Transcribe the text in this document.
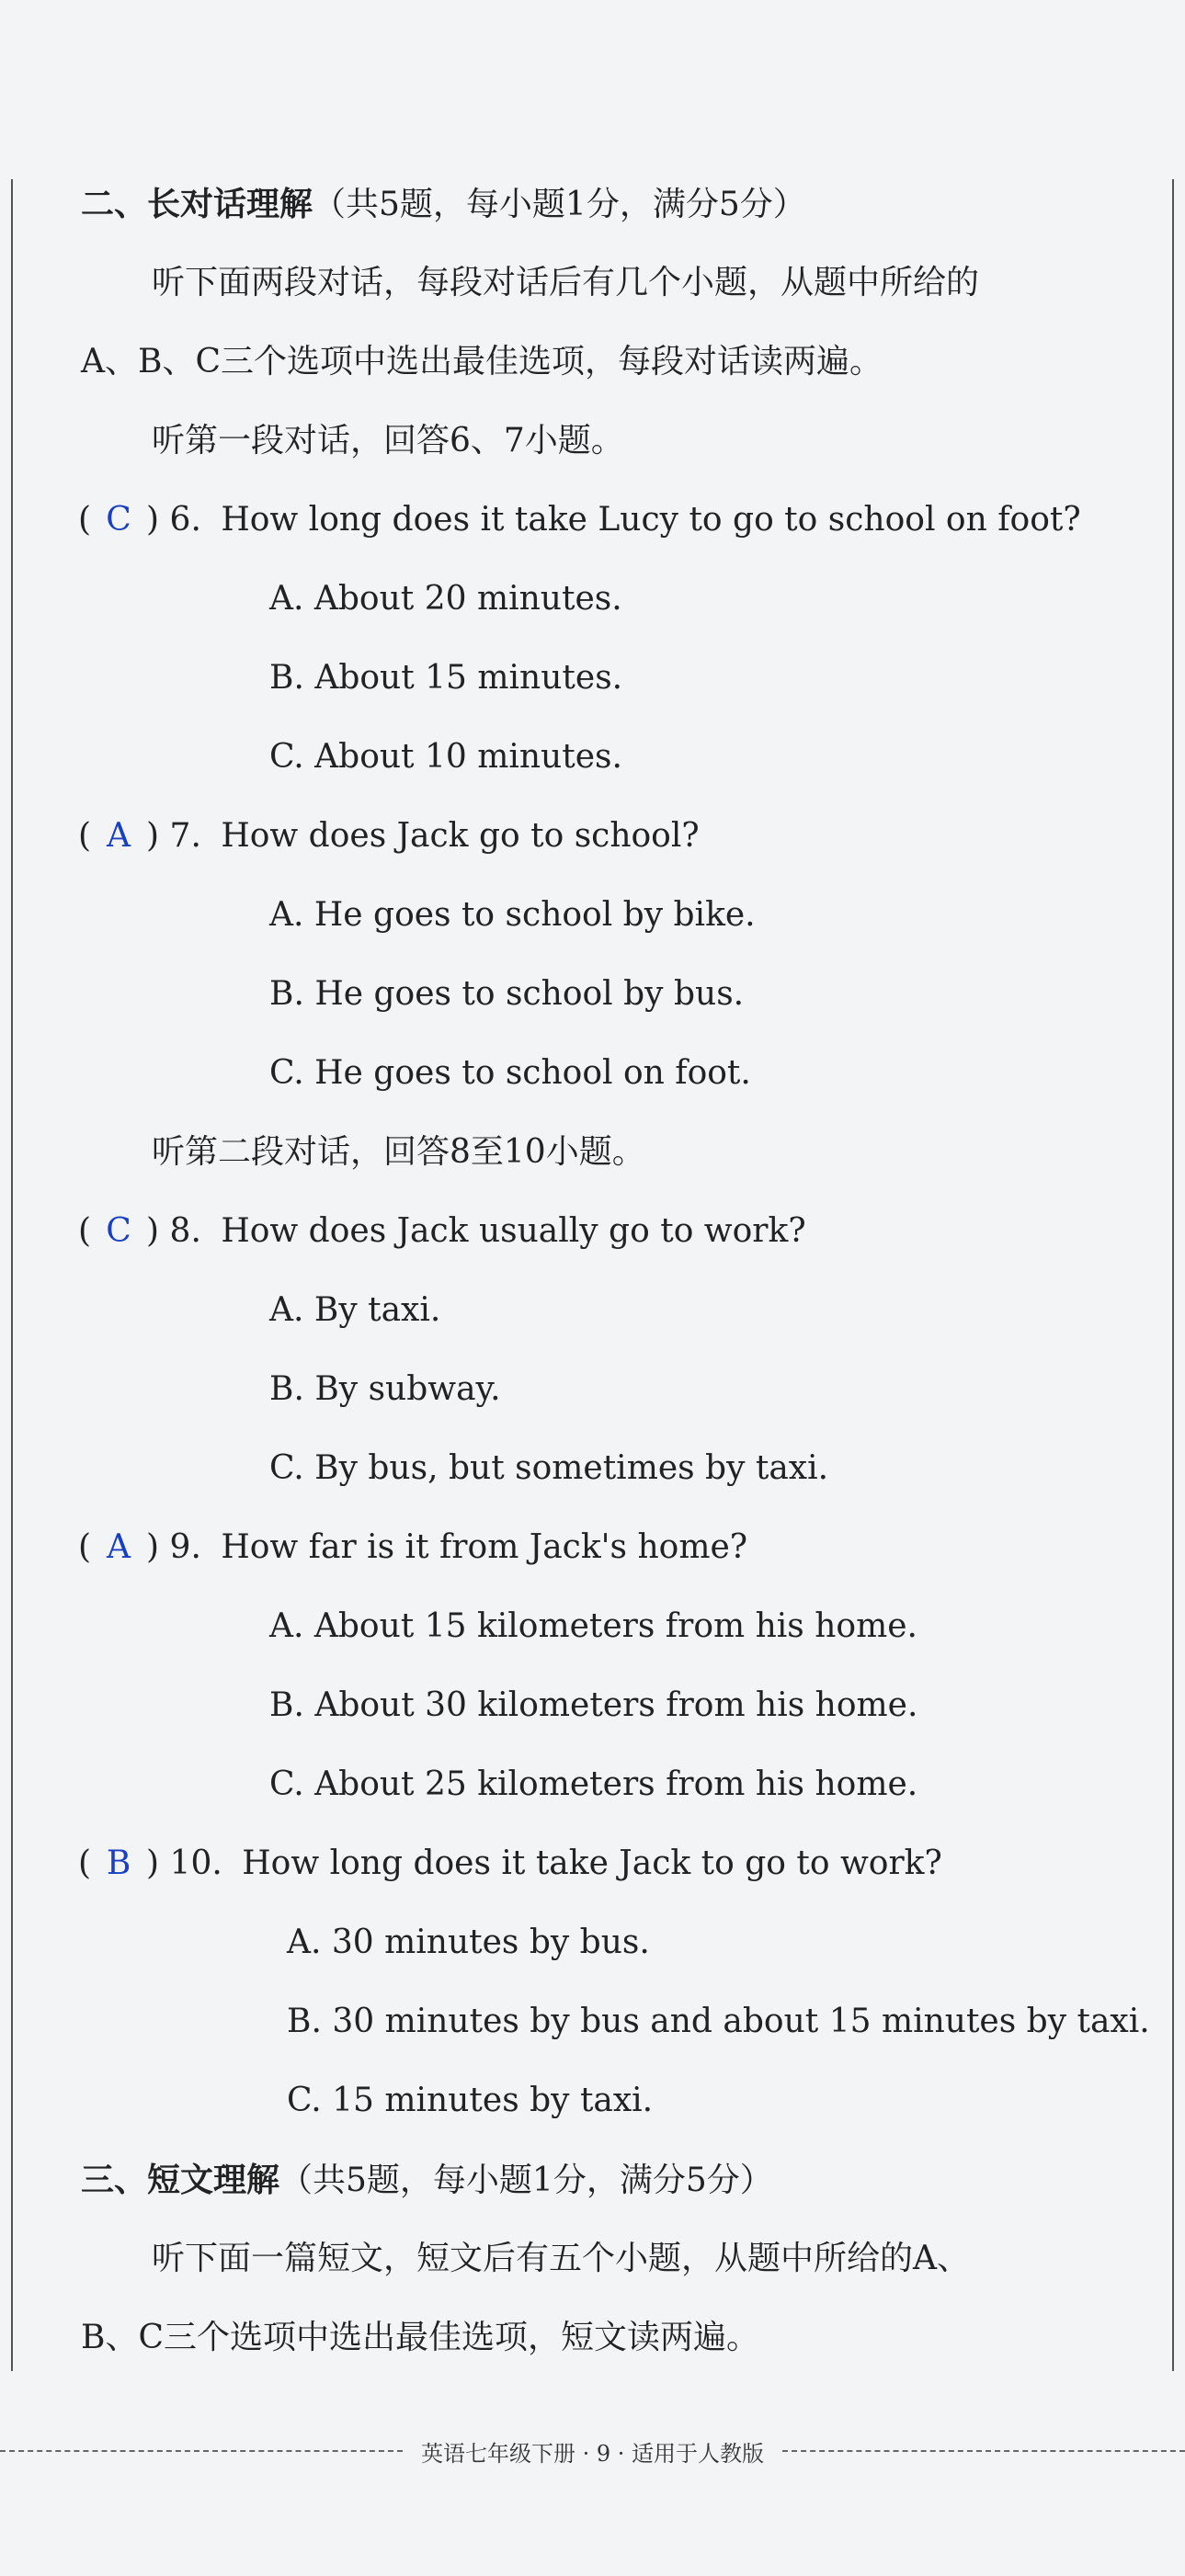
二、长对话理解（共5题，每小题1分，满分5分）
听下面两段对话，每段对话后有几个小题，从题中所给的
A、B、C三个选项中选出最佳选项，每段对话读两遍。
听第一段对话，回答6、7小题。
( C ) 6. How long does it take Lucy to go to school on foot?
A. About 20 minutes.
B. About 15 minutes.
C. About 10 minutes.
( A ) 7. How does Jack go to school?
A. He goes to school by bike.
B. He goes to school by bus.
C. He goes to school on foot.
听第二段对话，回答8至10小题。
( C ) 8. How does Jack usually go to work?
A. By taxi.
B. By subway.
C. By bus, but sometimes by taxi.
( A ) 9. How far is it from Jack's home?
A. About 15 kilometers from his home.
B. About 30 kilometers from his home.
C. About 25 kilometers from his home.
( B ) 10. How long does it take Jack to go to work?
A. 30 minutes by bus.
B. 30 minutes by bus and about 15 minutes by taxi.
C. 15 minutes by taxi.
三、短文理解（共5题，每小题1分，满分5分）
听下面一篇短文，短文后有五个小题，从题中所给的A、
B、C三个选项中选出最佳选项，短文读两遍。
英语七年级下册 · 9 · 适用于人教版
